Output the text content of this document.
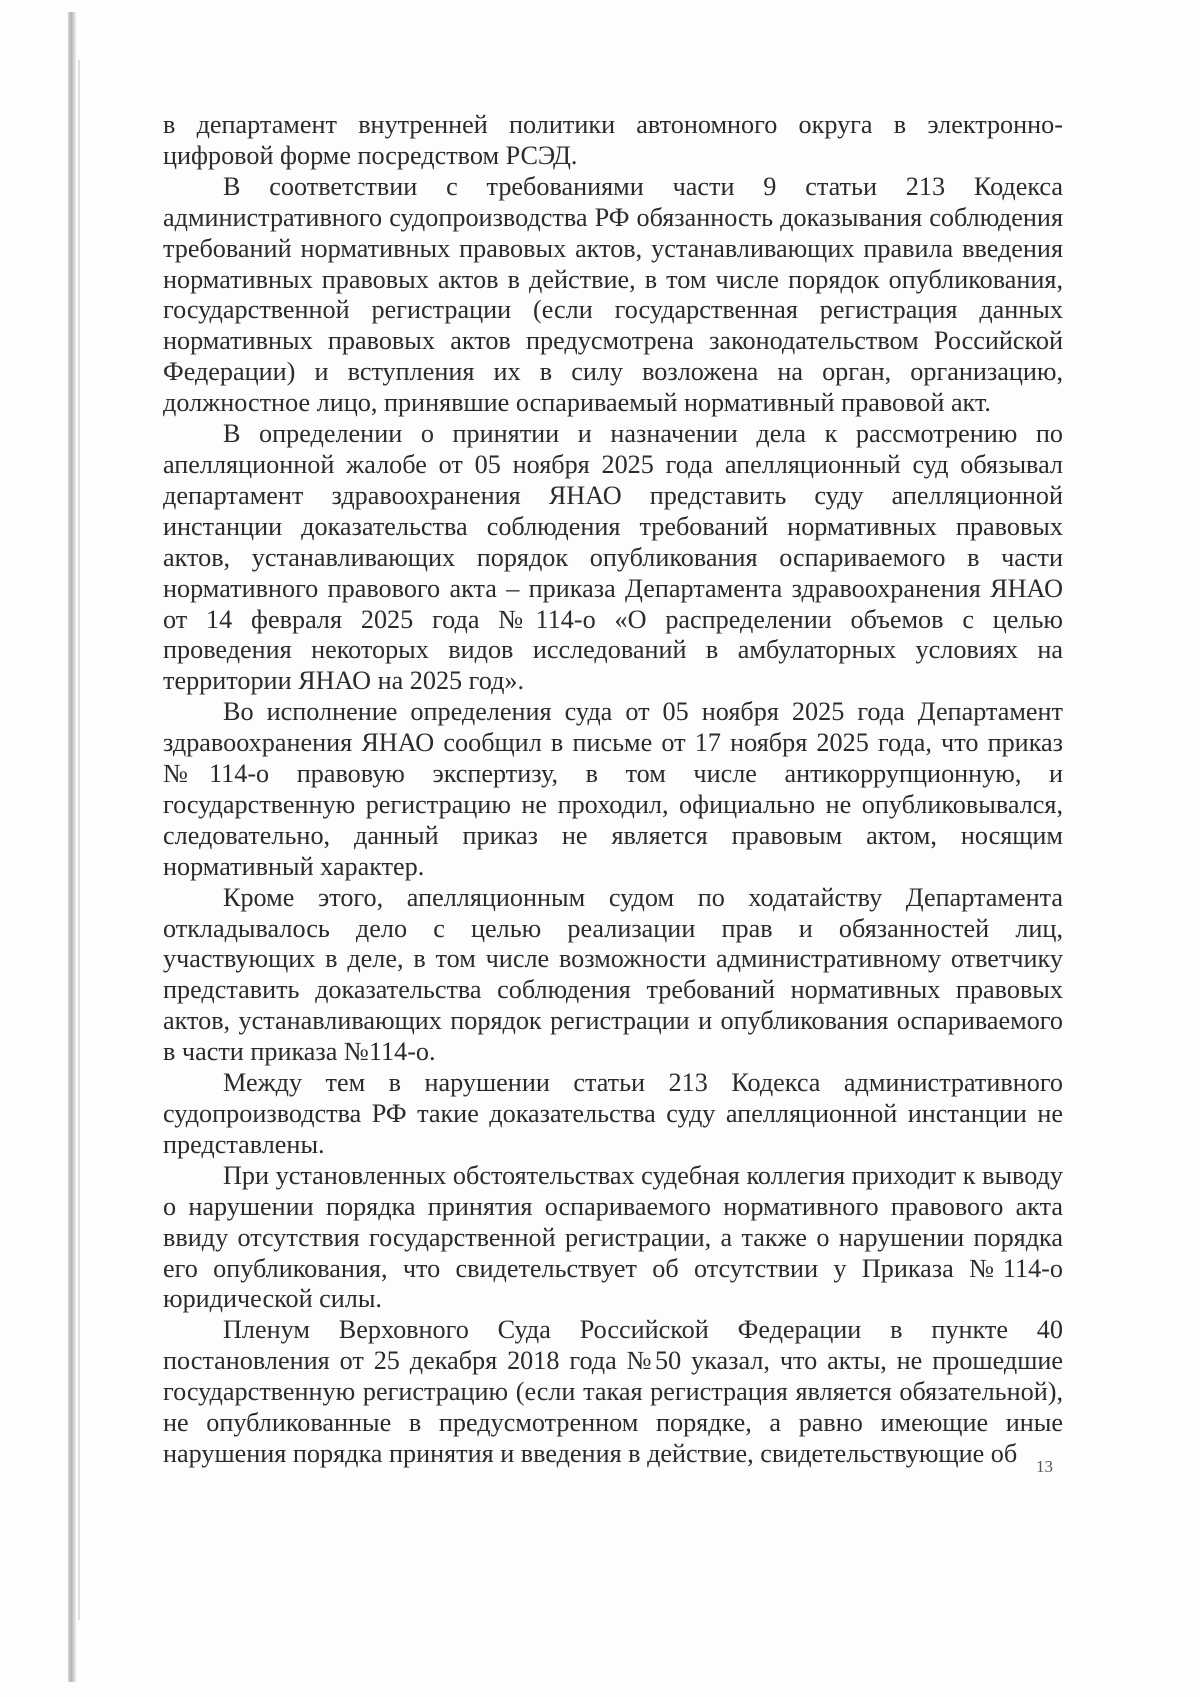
в департамент внутренней политики автономного округа в электронно-цифровой форме посредством РСЭД.

В соответствии с требованиями части 9 статьи 213 Кодекса административного судопроизводства РФ обязанность доказывания соблюдения требований нормативных правовых актов, устанавливающих правила введения нормативных правовых актов в действие, в том числе порядок опубликования, государственной регистрации (если государственная регистрация данных нормативных правовых актов предусмотрена законодательством Российской Федерации) и вступления их в силу возложена на орган, организацию, должностное лицо, принявшие оспариваемый нормативный правовой акт.

В определении о принятии и назначении дела к рассмотрению по апелляционной жалобе от 05 ноября 2025 года апелляционный суд обязывал департамент здравоохранения ЯНАО представить суду апелляционной инстанции доказательства соблюдения требований нормативных правовых актов, устанавливающих порядок опубликования оспариваемого в части нормативного правового акта – приказа Департамента здравоохранения ЯНАО от 14 февраля 2025 года №114-о «О распределении объемов с целью проведения некоторых видов исследований в амбулаторных условиях на территории ЯНАО на 2025 год».

Во исполнение определения суда от 05 ноября 2025 года Департамент здравоохранения ЯНАО сообщил в письме от 17 ноября 2025 года, что приказ №114-о правовую экспертизу, в том числе антикоррупционную, и государственную регистрацию не проходил, официально не опубликовывался, следовательно, данный приказ не является правовым актом, носящим нормативный характер.

Кроме этого, апелляционным судом по ходатайству Департамента откладывалось дело с целью реализации прав и обязанностей лиц, участвующих в деле, в том числе возможности административному ответчику представить доказательства соблюдения требований нормативных правовых актов, устанавливающих порядок регистрации и опубликования оспариваемого в части приказа №114-о.

Между тем в нарушении статьи 213 Кодекса административного судопроизводства РФ такие доказательства суду апелляционной инстанции не представлены.

При установленных обстоятельствах судебная коллегия приходит к выводу о нарушении порядка принятия оспариваемого нормативного правового акта ввиду отсутствия государственной регистрации, а также о нарушении порядка его опубликования, что свидетельствует об отсутствии у Приказа №114-о юридической силы.

Пленум Верховного Суда Российской Федерации в пункте 40 постановления от 25 декабря 2018 года №50 указал, что акты, не прошедшие государственную регистрацию (если такая регистрация является обязательной), не опубликованные в предусмотренном порядке, а равно имеющие иные нарушения порядка принятия и введения в действие, свидетельствующие об	13
